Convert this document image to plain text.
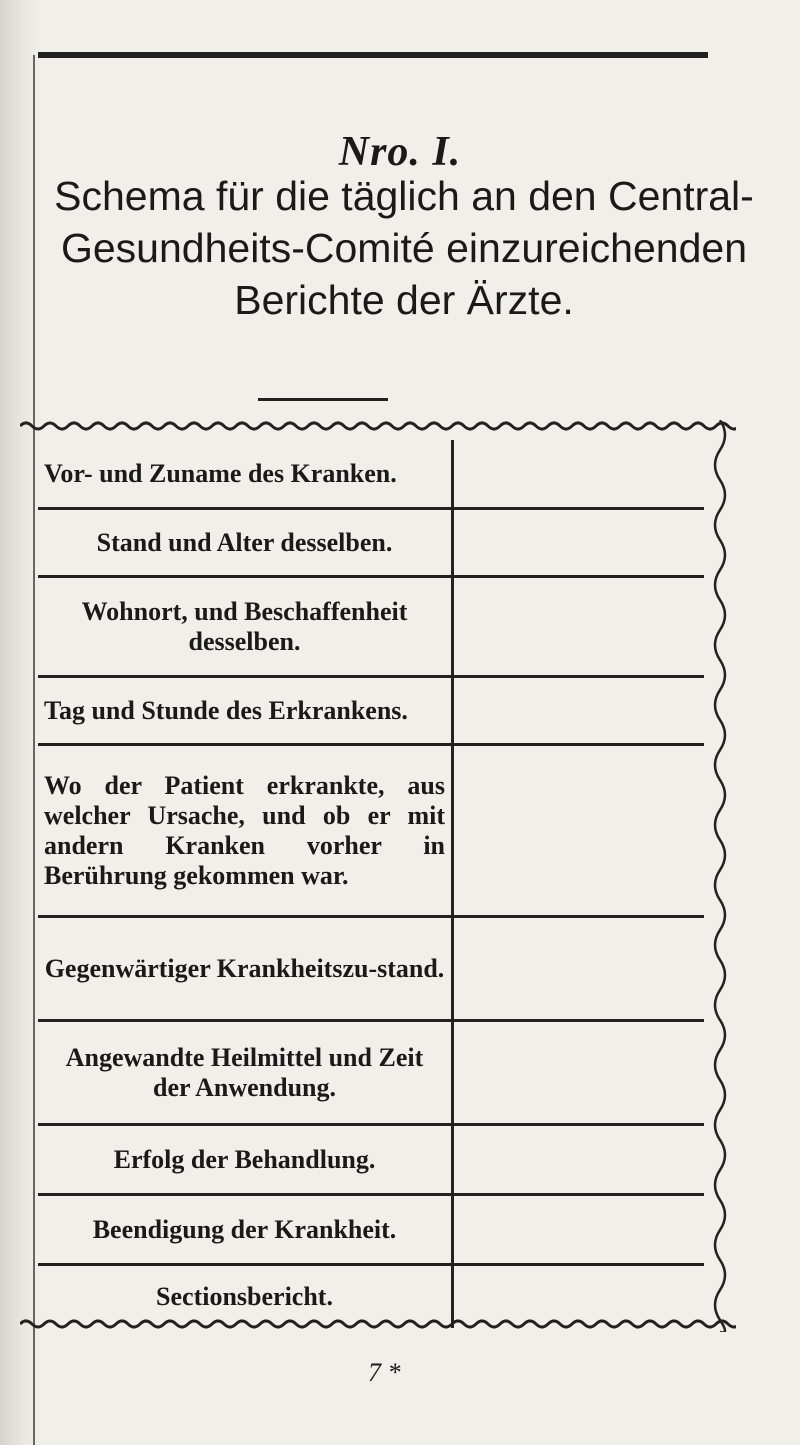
Nro. I.
Schema für die täglich an den Central-
Gesundheits-Comité einzureichenden
Berichte der Ärzte.
Vor- und Zuname des Kranken.
Stand und Alter desselben.
Wohnort, und Beschaffenheit desselben.
Tag und Stunde des Erkrankens.
Wo der Patient erkrankte, aus welcher Ursache, und ob er mit andern Kranken vorher in Berührung gekommen war.
Gegenwärtiger Krankheitszu-stand.
Angewandte Heilmittel und Zeit der Anwendung.
Erfolg der Behandlung.
Beendigung der Krankheit.
Sectionsbericht.
7 *
